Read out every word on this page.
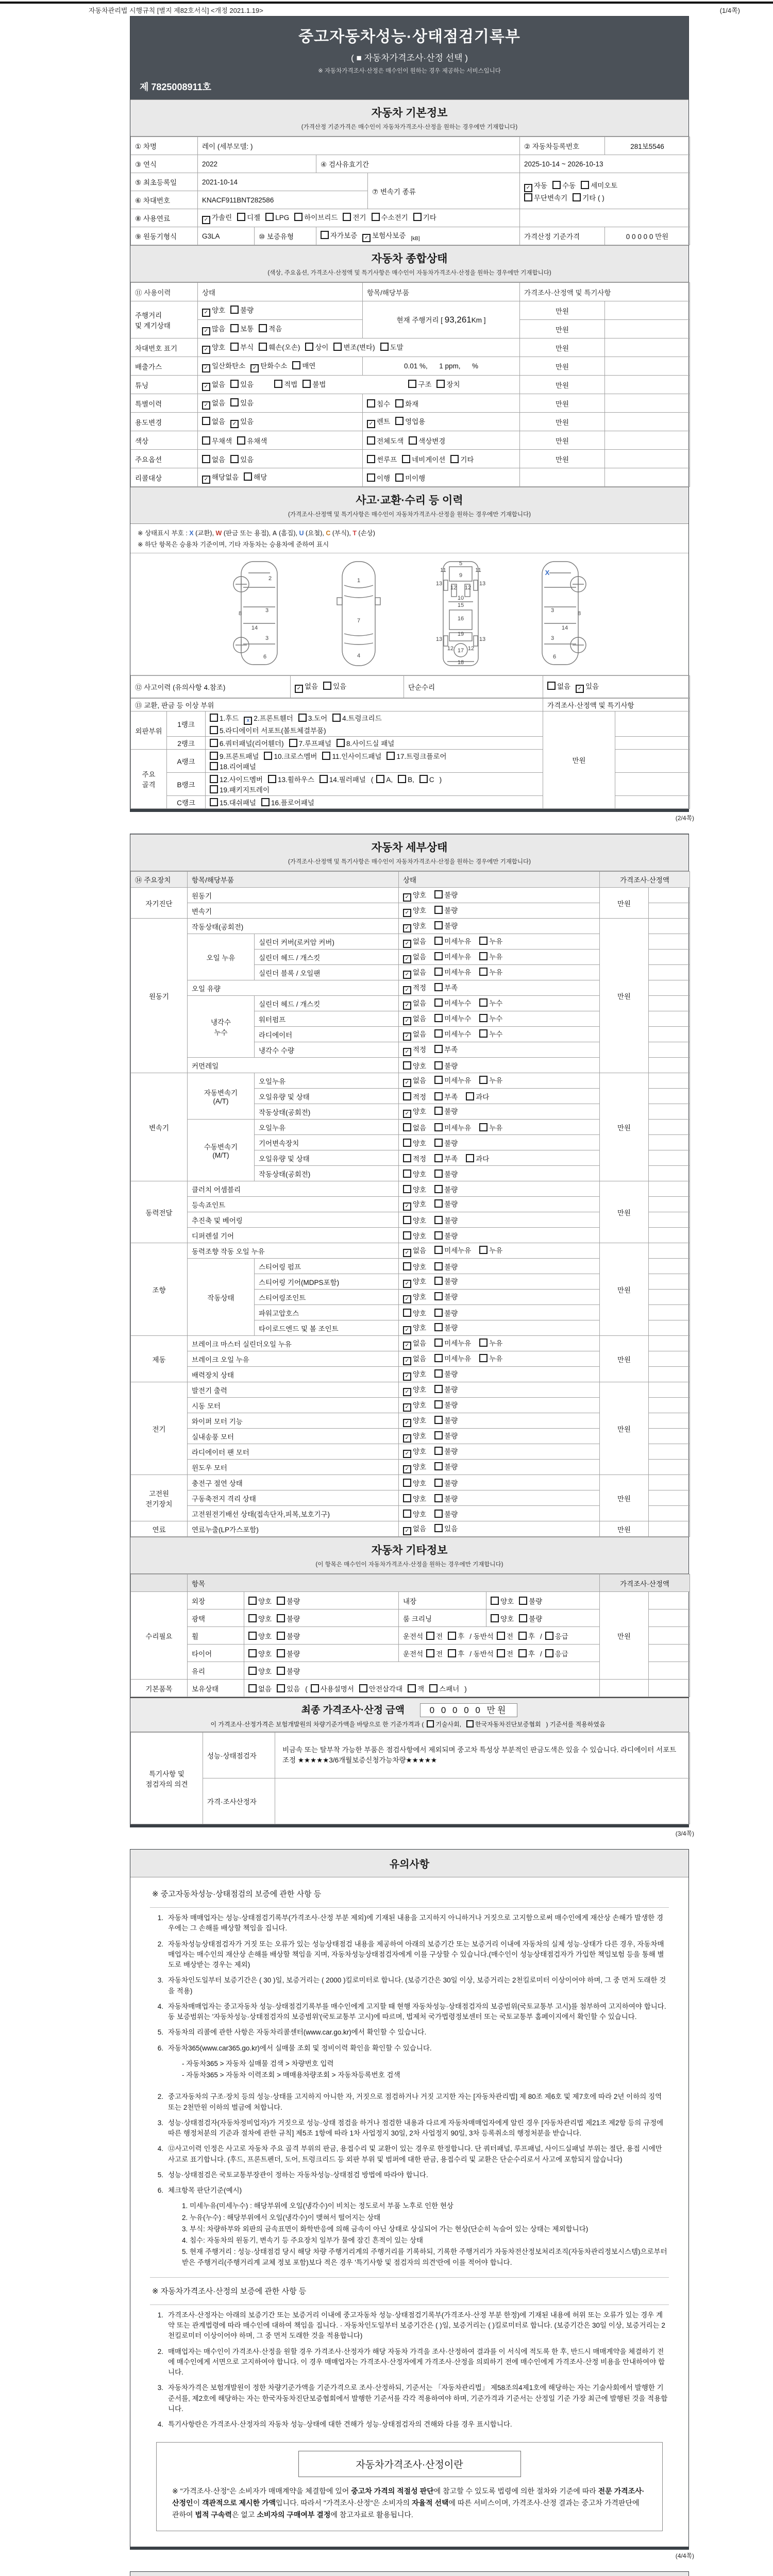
자동차관리법 시행규칙 [별지 제82호서식] <개정 2021.1.19>	(1/4쪽)
중고자동차성능·상태점검기록부
( ■ 자동차가격조사·산정 선택 )
※ 자동차가격조사·산정은 매수인이 원하는 경우 제공하는 서비스입니다
제 7825008911호
자동차 기본정보
(가격산정 기준가격은 매수인이 자동차가격조사·산정을 원하는 경우에만 기재합니다)
① 차명	레이 (세부모델: )				② 자동차등록번호	281보5546
③ 연식	2022		④ 검사유효기간		2025-10-14 ~ 2026-10-13	
⑤ 최초등록일	2021-10-14			⑦ 변속기 종류	✓ 자동 수동 세미오토
무단변속기 기타 ( )	
⑥ 차대번호	KNACF911BNT282586					
⑧ 사용연료	✓ 가솔린 디젤 LPG 하이브리드 전기 수소전기 기타					
⑨ 원동기형식	G3LA	⑩ 보증유형	자가보증 ✓ 보험사보증 $_{[kB]}$		가격산정 기준가격	0 0 0 0 0 만원
자동차 종합상태
(색상, 주요옵션, 가격조사·산정액 및 특기사항은 매수인이 자동차가격조사·산정을 원하는 경우에만 기재합니다)
⑪ 사용이력	상태	항목/해당부품	가격조사·산정액 및 특기사항	
주행거리
및 계기상태	✓ 양호 불량	현재 주행거리 [ 93,261Km ]	만원	
	✓ 많음 보통 적음		만원	
차대번호 표기	✓ 양호 부식 훼손(오손) 상이 변조(변타) 도말		만원	
배출가스	✓ 일산화탄소 ✓ 탄화수소 매연	0.01 %,      1 ppm,      %	만원	
튜닝	✓ 없음 있음 적법 불법 구조 장치		만원	
특별이력	✓ 없음 있음	침수 화재	만원	
용도변경	없음 ✓ 있음	✓ 렌트 영업용	만원	
색상	무채색 유채색	전체도색 색상변경	만원	
주요옵션	없음 있음	썬루프 네비게이션 기타	만원	
리콜대상	✓ 해당없음 해당	이행 미이행		
사고·교환·수리 등 이력
(가격조사·산정액 및 특기사항은 매수인이 자동차가격조사·산정을 원하는 경우에만 기재합니다)
※ 상태표시 부호 : X (교환), W (판금 또는 용접), A (흠집), U (요철), C (부식), T (손상)
※ 하단 항목은 승용차 기준이며, 기타 자동차는 승용차에 준하여 표시
2
8	3
14
3
6
1
7
4
5
11	11
9
13	13
12 12
10
15
16
19
13	13
12	12
17
18
3	8
14
3
6
X
⑫ 사고이력 (유의사항 4.참조)	✓ 없음 있음	단순수리	없음 ✓ 있음
⑬ 교환, 판금 등 이상 부위			가격조사·산정액 및 특기사항	
외판부위	1랭크	1.후드 x 2.프론트휀더 3.도어 4.트렁크리드
5.라디에이터 서포트(볼트체결부품)	만원	
	2랭크	6.쿼터패널(리어휀더) 7.루프패널 8.사이드실 패널		
주요
골격	A랭크	9.프론트패널 10.크로스멤버 11.인사이드패널 17.트렁크플로어
18.리어패널		
	B랭크	12.사이드멤버 13.휠하우스 14.필러패널 ( A, B, C )
19.패키지트레이		
	C랭크	15.대쉬패널 16.플로어패널		
(2/4쪽)
자동차 세부상태
(가격조사·산정액 및 특기사항은 매수인이 자동차가격조사·산정을 원하는 경우에만 기재합니다)
⑭ 주요장치	항목/해당부품		상태	가격조사·산정액	
자기진단	원동기		✓ 양호 불량	만원	
	변속기		✓ 양호 불량		
원동기	작동상태(공회전)		✓ 양호 불량	만원	
	오일 누유	실린더 커버(로커암 커버)	✓ 없음 미세누유 누유		
		실린더 헤드 / 개스킷	✓ 없음 미세누유 누유		
		실린더 블록 / 오일팬	✓ 없음 미세누유 누유		
	오일 유량		✓ 적정 부족		
	냉각수
누수	실린더 헤드 / 개스킷	✓ 없음 미세누수 누수		
		워터펌프	✓ 없음 미세누수 누수		
		라디에이터	✓ 없음 미세누수 누수		
		냉각수 수량	✓ 적정 부족		
	커먼레일		양호 불량		
변속기	자동변속기
(A/T)	오일누유	✓ 없음 미세누유 누유	만원	
		오일유량 및 상태	적정 부족 과다		
		작동상태(공회전)	✓ 양호 불량		
	수동변속기
(M/T)	오일누유	없음 미세누유 누유		
		기어변속장치	양호 불량		
		오일유량 및 상태	적정 부족 과다		
		작동상태(공회전)	양호 불량		
동력전달	클러치 어셈블리		양호 불량	만원	
	등속죠인트		✓ 양호 불량		
	추진축 및 베어링		양호 불량		
	디퍼렌셜 기어		양호 불량		
조향	동력조향 작동 오일 누유		✓ 없음 미세누유 누유	만원	
	작동상태	스티어링 펌프	양호 불량		
		스티어링 기어(MDPS포함)	✓ 양호 불량		
		스티어링조인트	✓ 양호 불량		
		파워고압호스	양호 불량		
		타이로드엔드 및 볼 조인트	✓ 양호 불량		
제동	브레이크 마스터 실린더오일 누유		✓ 없음 미세누유 누유	만원	
	브레이크 오일 누유		✓ 없음 미세누유 누유		
	배력장치 상태		✓ 양호 불량		
전기	발전기 출력		✓ 양호 불량	만원	
	시동 모터		✓ 양호 불량		
	와이퍼 모터 기능		✓ 양호 불량		
	실내송풍 모터		✓ 양호 불량		
	라디에이터 팬 모터		✓ 양호 불량		
	윈도우 모터		✓ 양호 불량		
고전원
전기장치	충전구 절연 상태		양호 불량	만원	
	구동축전지 격리 상태		양호 불량		
	고전원전기배선 상태(접속단자,피복,보호기구)		양호 불량		
연료	연료누출(LP가스포함)		✓ 없음 있음	만원	
자동차 기타정보
(이 항목은 매수인이 자동차가격조사·산정을 원하는 경우에만 기재합니다)
	항목				가격조사·산정액	
수리필요	외장	양호 불량	내장	양호 불량	만원	
	광택	양호 불량	룸 크리닝	양호 불량		
	휠	양호 불량	운전석 전 후 / 동반석 전 후 / 응급			
	타이어	양호 불량	운전석 전 후 / 동반석 전 후 / 응급			
	유리	양호 불량				
기본품목	보유상태	없음 있음 ( 사용설명서 안전삼각대 잭 스패너 )				
최종 가격조사·산정 금액	0 0 0 0 0 만원
이 가격조사·산정가격은 보험개발원의 차량기준가액을 바탕으로 한 기준가격과 ( 기술사회, 한국자동차진단보증협회 ) 기준서를 적용하였음
특기사항 및
점검자의 의견	성능·상태점검자	비금속 또는 탈부착 가능한 부품은 점검사항에서 제외되며 중고차 특성상 부분적인 판금도색은 있을 수 있습니다. 라디에이터 서포트 조정 ★★★★★3/6개월보증신청가능차량★★★★★
	가격·조사산정자	
(3/4쪽)
유의사항
※ 중고자동차성능·상태점검의 보증에 관한 사항 등
1. 자동차 매매업자는 성능·상태점검기록부(가격조사·산정 부분 제외)에 기재된 내용을 고지하지 아니하거나 거짓으로 고지함으로써 매수인에게 재산상 손해가 발생한 경우에는 그 손해를 배상할 책임을 집니다.
2. 자동차성능상태점검자가 거짓 또는 오류가 있는 성능상태점검 내용을 제공하여 아래의 보증기간 또는 보증거리 이내에 자동차의 실제 성능·상태가 다른 경우, 자동차매매업자는 매수인의 재산상 손해를 배상할 책임을 지며, 자동차성능상태점검자에게 이를 구상할 수 있습니다.(매수인이 성능상태점검자가 가입한 책임보험 등을 통해 별도로 배상받는 경우는 제외)
3. 자동차인도일부터 보증기간은 ( 30 )일, 보증거리는 ( 2000 )킬로미터로 합니다. (보증기간은 30일 이상, 보증거리는 2천킬로미터 이상이어야 하며, 그 중 먼저 도래한 것을 적용)
4. 자동차매매업자는 중고자동차 성능·상태점검기록부를 매수인에게 고지할 때 현행 자동차성능·상태점검자의 보증범위(국토교통부 고시)를 첨부하여 고지하여야 합니다. 동 보증범위는 '자동차성능·상태점검자의 보증범위'(국토교통부 고시)에 따르며, 법제처 국가법령정보센터 또는 국토교통부 홈페이지에서 확인할 수 있습니다.
5. 자동차의 리콜에 관한 사항은 자동차리콜센터(www.car.go.kr)에서 확인할 수 있습니다.
6. 자동차365(www.car365.go.kr)에서 실매물 조회 및 정비이력 확인을 확인할 수 있습니다.
- 자동차365 > 자동차 실매물 검색 > 차량번호 입력
- 자동차365 > 자동차 이력조회 > 매매용차량조회 > 자동차등록번호 검색
2. 중고자동차의 구조·장치 등의 성능·상태를 고지하지 아니한 자, 거짓으로 점검하거나 거짓 고지한 자는 [자동차관리법] 제 80조 제6호 및 제7호에 따라 2년 이하의 징역 또는 2천만원 이하의 벌금에 처합니다.
3. 성능·상태점검자(자동차정비업자)가 거짓으로 성능·상태 점검을 하거나 점검한 내용과 다르게 자동차매매업자에게 알린 경우 [자동차관리법 제21조 제2항 등의 규정에 따른 행정처분의 기준과 절차에 관한 규칙] 제5조 1항에 따라 1차 사업정지 30일, 2차 사업정지 90일, 3차 등록취소의 행정처분을 받습니다.
4. ⑫사고이력 인정은 사고로 자동차 주요 골격 부위의 판금, 용접수리 및 교환이 있는 경우로 한정합니다. 단 쿼터패널, 루프패널, 사이드실패널 부위는 절단, 용접 시에만 사고로 표기합니다. (후드, 프론트펜더, 도어, 트렁크리드 등 외판 부위 및 범퍼에 대한 판금, 용접수리 및 교환은 단순수리로서 사고에 포함되지 않습니다)
5. 성능·상태점검은 국토교통부장관이 정하는 자동차성능·상태점검 방법에 따라야 합니다.
6. 체크항목 판단기준(예시)
1. 미세누유(미세누수) : 해당부위에 오일(냉각수)이 비치는 정도로서 부품 노후로 인한 현상
2. 누유(누수) : 해당부위에서 오일(냉각수)이 맺혀서 떨어지는 상태
3. 부식: 차량하부와 외판의 금속표면이 화학반응에 의해 금속이 아닌 상태로 상실되어 가는 현상(단순히 녹슬어 있는 상태는 제외합니다)
4. 침수: 자동차의 원동기, 변속기 등 주요장치 일부가 물에 잠긴 흔적이 있는 상태
5. 현재 주행거리 : 성능·상태점검 당시 해당 차량 주행거리계의 주행거리를 기록하되, 기록한 주행거리가 자동차전산정보처리조직(자동차관리정보시스템)으로부터 받은 주행거리(주행거리계 교체 정보 포함)보다 적은 경우 '특기사항 및 점검자의 의견'란에 이를 적어야 합니다.
※ 자동차가격조사·산정의 보증에 관한 사항 등
1. 가격조사·산정자는 아래의 보증기간 또는 보증거리 이내에 중고자동차 성능·상태점검기록부(가격조사·산정 부분 한정)에 기재된 내용에 허위 또는 오류가 있는 경우 계약 또는 관계법령에 따라 매수인에 대하여 책임을 집니다. · 자동차인도일부터 보증기간은 ( )일, 보증거리는 ( )킬로미터로 합니다. (보증기간은 30일 이상, 보증거리는 2천킬로미터 이상이어야 하며, 그 중 먼저 도래한 것을 적용합니다)
2. 매매업자는 매수인이 가격조사·산정을 원할 경우 가격조사·산정자가 해당 자동차 가격을 조사·산정하여 결과를 이 서식에 적도록 한 후, 반드시 매매계약을 체결하기 전에 매수인에게 서면으로 고지하여야 합니다. 이 경우 매매업자는 가격조사·산정자에게 가격조사·산정을 의뢰하기 전에 매수인에게 가격조사·산정 비용을 안내하여야 합니다.
3. 자동차가격은 보험개발원이 정한 차량기준가액을 기준가격으로 조사·산정하되, 기준서는 「자동차관리법」 제58조의4제1호에 해당하는 자는 기술사회에서 발행한 기준서를, 제2호에 해당하는 자는 한국자동차진단보증협회에서 발행한 기준서를 각각 적용하여야 하며, 기준가격과 기준서는 산정일 기준 가장 최근에 발행된 것을 적용합니다.
4. 특기사항란은 가격조사·산정자의 자동차 성능·상태에 대한 견해가 성능·상태점검자의 견해와 다를 경우 표시합니다.
자동차가격조사·산정이란
※ "가격조사·산정"은 소비자가 매매계약을 체결함에 있어 중고차 가격의 적절성 판단에 참고할 수 있도록 법령에 의한 절차와 기준에 따라 전문 가격조사·산정인이 객관적으로 제시한 가액입니다. 따라서 "가격조사·산정"은 소비자의 자율적 선택에 따른 서비스이며, 가격조사·산정 결과는 중고차 가격판단에 관하여 법적 구속력은 없고 소비자의 구매여부 결정에 참고자료로 활용됩니다.
(4/4쪽)
